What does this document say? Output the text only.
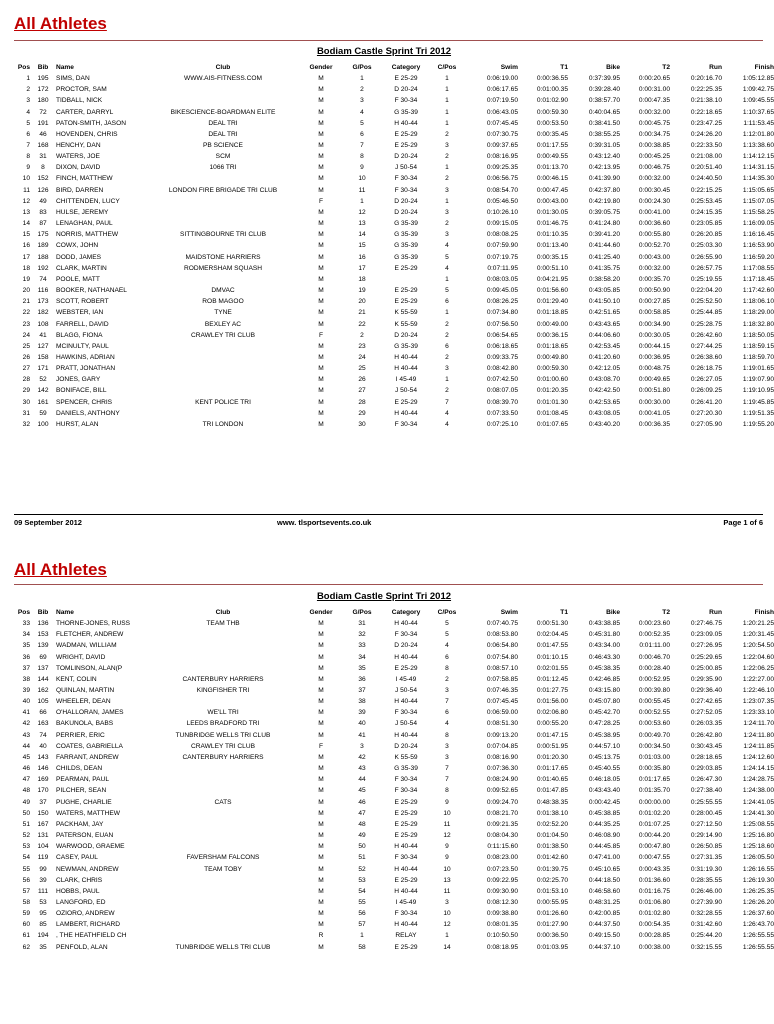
All Athletes
Bodiam Castle Sprint Tri 2012
Pos	Bib	Name	Club	Gender	G/Pos	Category	C/Pos	Swim	T1	Bike	T2	Run	Finish
1	195	SIMS, DAN	WWW.AIS-FITNESS.COM	M	1	E 25-29	1	0:06:19.00	0:00:36.55	0:37:39.95	0:00:20.65	0:20:16.70	1:05:12.85
2	172	PROCTOR, SAM		M	2	D 20-24	1	0:06:17.65	0:01:00.35	0:39:28.40	0:00:31.00	0:22:25.35	1:09:42.75
3	180	TIDBALL, NICK		M	3	F 30-34	1	0:07:19.50	0:01:02.90	0:38:57.70	0:00:47.35	0:21:38.10	1:09:45.55
4	72	CARTER, DARRYL	BIKESCIENCE-BOARDMAN ELITE	M	4	G 35-39	1	0:06:43.05	0:00:59.30	0:40:04.65	0:00:32.00	0:22:18.65	1:10:37.65
5	191	PATON-SMITH, JASON	DEAL TRI	M	5	H 40-44	1	0:07:45.45	0:00:53.50	0:38:41.50	0:00:45.75	0:23:47.25	1:11:53.45
6	46	HOVENDEN, CHRIS	DEAL TRI	M	6	E 25-29	2	0:07:30.75	0:00:35.45	0:38:55.25	0:00:34.75	0:24:26.20	1:12:01.80
7	168	HENCHY, DAN	PB SCIENCE	M	7	E 25-29	3	0:09:37.65	0:01:17.55	0:39:31.05	0:00:38.85	0:22:33.50	1:13:38.60
8	31	WATERS, JOE	SCM	M	8	D 20-24	2	0:08:16.95	0:00:49.55	0:43:12.40	0:00:45.25	0:21:08.00	1:14:12.15
9	8	DIXON, DAVID	1066 TRI	M	9	J 50-54	1	0:09:25.35	0:01:13.70	0:42:13.95	0:00:46.75	0:20:51.40	1:14:31.15
10	152	FINCH, MATTHEW		M	10	F 30-34	2	0:06:56.75	0:00:46.15	0:41:39.90	0:00:32.00	0:24:40.50	1:14:35.30
11	126	BIRD, DARREN	LONDON FIRE BRIGADE TRI CLUB	M	11	F 30-34	3	0:08:54.70	0:00:47.45	0:42:37.80	0:00:30.45	0:22:15.25	1:15:05.65
12	49	CHITTENDEN, LUCY		F	1	D 20-24	1	0:05:46.50	0:00:43.00	0:42:19.80	0:00:24.30	0:25:53.45	1:15:07.05
13	83	HULSE, JEREMY		M	12	D 20-24	3	0:10:26.10	0:01:30.05	0:39:05.75	0:00:41.00	0:24:15.35	1:15:58.25
14	87	LENAGHAN, PAUL		M	13	G 35-39	2	0:09:15.05	0:01:46.75	0:41:24.80	0:00:36.60	0:23:05.85	1:16:09.05
15	175	NORRIS, MATTHEW	SITTINGBOURNE TRI CLUB	M	14	G 35-39	3	0:08:08.25	0:01:10.35	0:39:41.20	0:00:55.80	0:26:20.85	1:16:16.45
16	189	COWX, JOHN		M	15	G 35-39	4	0:07:59.90	0:01:13.40	0:41:44.60	0:00:52.70	0:25:03.30	1:16:53.90
17	188	DODD, JAMES	MAIDSTONE HARRIERS	M	16	G 35-39	5	0:07:19.75	0:00:35.15	0:41:25.40	0:00:43.00	0:26:55.90	1:16:59.20
18	192	CLARK, MARTIN	RODMERSHAM SQUASH	M	17	E 25-29	4	0:07:11.95	0:00:51.10	0:41:35.75	0:00:32.00	0:26:57.75	1:17:08.55
19	74	POOLE, MATT		M	18		1	0:08:03.05	0:04:21.95	0:38:58.20	0:00:35.70	0:25:19.55	1:17:18.45
20	116	BOOKER, NATHANAEL	DMVAC	M	19	E 25-29	5	0:09:45.05	0:01:56.60	0:43:05.85	0:00:50.90	0:22:04.20	1:17:42.60
21	173	SCOTT, ROBERT	ROB MAGOO	M	20	E 25-29	6	0:08:26.25	0:01:29.40	0:41:50.10	0:00:27.85	0:25:52.50	1:18:06.10
22	182	WEBSTER, IAN	TYNE	M	21	K 55-59	1	0:07:34.80	0:01:18.85	0:42:51.65	0:00:58.85	0:25:44.85	1:18:29.00
23	108	FARRELL, DAVID	BEXLEY AC	M	22	K 55-59	2	0:07:56.50	0:00:49.00	0:43:43.65	0:00:34.90	0:25:28.75	1:18:32.80
24	41	BLAGG, FIONA	CRAWLEY TRI CLUB	F	2	D 20-24	2	0:06:54.65	0:00:36.15	0:44:06.60	0:00:30.05	0:26:42.60	1:18:50.05
25	127	MCINULTY, PAUL		M	23	G 35-39	6	0:06:18.65	0:01:18.65	0:42:53.45	0:00:44.15	0:27:44.25	1:18:59.15
26	158	HAWKINS, ADRIAN		M	24	H 40-44	2	0:09:33.75	0:00:49.80	0:41:20.60	0:00:36.95	0:26:38.60	1:18:59.70
27	171	PRATT, JONATHAN		M	25	H 40-44	3	0:08:42.80	0:00:59.30	0:42:12.05	0:00:48.75	0:26:18.75	1:19:01.65
28	52	JONES, GARY		M	26	I 45-49	1	0:07:42.50	0:01:00.60	0:43:08.70	0:00:49.65	0:26:27.05	1:19:07.90
29	142	BONIFACE, BILL		M	27	J 50-54	2	0:08:07.05	0:01:20.35	0:42:42.50	0:00:51.80	0:26:09.25	1:19:10.95
30	161	SPENCER, CHRIS	KENT POLICE TRI	M	28	E 25-29	7	0:08:39.70	0:01:01.30	0:42:53.65	0:00:30.00	0:26:41.20	1:19:45.85
31	59	DANIELS, ANTHONY		M	29	H 40-44	4	0:07:33.50	0:01:08.45	0:43:08.05	0:00:41.05	0:27:20.30	1:19:51.35
32	100	HURST, ALAN	TRI LONDON	M	30	F 30-34	4	0:07:25.10	0:01:07.65	0:43:40.20	0:00:36.35	0:27:05.90	1:19:55.20
09 September 2012	www. tlsportsevents.co.uk	Page 1 of 6
All Athletes
Bodiam Castle Sprint Tri 2012
Pos	Bib	Name	Club	Gender	G/Pos	Category	C/Pos	Swim	T1	Bike	T2	Run	Finish
33	136	THORNE-JONES, RUSS	TEAM THB	M	31	H 40-44	5	0:07:40.75	0:00:51.30	0:43:38.85	0:00:23.60	0:27:46.75	1:20:21.25
34	153	FLETCHER, ANDREW		M	32	F 30-34	5	0:08:53.80	0:02:04.45	0:45:31.80	0:00:52.35	0:23:09.05	1:20:31.45
35	139	WADMAN, WILLIAM		M	33	D 20-24	4	0:06:54.80	0:01:47.55	0:43:34.00	0:01:11.00	0:27:26.95	1:20:54.50
36	69	WRIGHT, DAVID		M	34	H 40-44	6	0:07:54.80	0:01:10.15	0:46:43.30	0:00:46.70	0:25:29.65	1:22:04.60
37	137	TOMLINSON, ALAN(P		M	35	E 25-29	8	0:08:57.10	0:02:01.55	0:45:38.35	0:00:28.40	0:25:00.85	1:22:06.25
38	144	KENT, COLIN	CANTERBURY HARRIERS	M	36	I 45-49	2	0:07:58.85	0:01:12.45	0:42:46.85	0:00:52.95	0:29:35.90	1:22:27.00
39	162	QUINLAN, MARTIN	KINGFISHER TRI	M	37	J 50-54	3	0:07:46.35	0:01:27.75	0:43:15.80	0:00:39.80	0:29:36.40	1:22:46.10
40	105	WHEELER, DEAN		M	38	H 40-44	7	0:07:45.45	0:01:56.00	0:45:07.80	0:00:55.45	0:27:42.65	1:23:07.35
41	66	O'HALLORAN, JAMES	WE'LL TRI	M	39	F 30-34	6	0:06:59.00	0:02:06.80	0:45:42.70	0:00:52.55	0:27:52.05	1:23:33.10
42	163	BAKUNOLA, BABS	LEEDS BRADFORD TRI	M	40	J 50-54	4	0:08:51.30	0:00:55.20	0:47:28.25	0:00:53.60	0:26:03.35	1:24:11.70
43	74	PERRIER, ERIC	TUNBRIDGE WELLS TRI CLUB	M	41	H 40-44	8	0:09:13.20	0:01:47.15	0:45:38.95	0:00:49.70	0:26:42.80	1:24:11.80
44	40	COATES, GABRIELLA	CRAWLEY TRI CLUB	F	3	D 20-24	3	0:07:04.85	0:00:51.95	0:44:57.10	0:00:34.50	0:30:43.45	1:24:11.85
45	143	FARRANT, ANDREW	CANTERBURY HARRIERS	M	42	K 55-59	3	0:08:16.90	0:01:20.30	0:45:13.75	0:01:03.00	0:28:18.65	1:24:12.60
46	146	CHILDS, DEAN		M	43	G 35-39	7	0:07:36.30	0:01:17.65	0:45:40.55	0:00:35.80	0:29:03.85	1:24:14.15
47	169	PEARMAN, PAUL		M	44	F 30-34	7	0:08:24.90	0:01:40.65	0:46:18.05	0:01:17.65	0:26:47.30	1:24:28.75
48	170	PILCHER, SEAN		M	45	F 30-34	8	0:09:52.65	0:01:47.85	0:43:43.40	0:01:35.70	0:27:38.40	1:24:38.00
49	37	PUGHE, CHARLIE	CATS	M	46	E 25-29	9	0:09:24.70	0:48:38.35	0:00:42.45	0:00:00.00	0:25:55.55	1:24:41.05
50	150	WATERS, MATTHEW		M	47	E 25-29	10	0:08:21.70	0:01:38.10	0:45:38.85	0:01:02.20	0:28:00.45	1:24:41.30
51	167	PACKHAM, JAY		M	48	E 25-29	11	0:09:21.35	0:02:52.20	0:44:35.25	0:01:07.25	0:27:12.50	1:25:08.55
52	131	PATERSON, EUAN		M	49	E 25-29	12	0:08:04.30	0:01:04.50	0:46:08.90	0:00:44.20	0:29:14.90	1:25:16.80
53	104	WARWOOD, GRAEME		M	50	H 40-44	9	0:11:15.60	0:01:38.50	0:44:45.85	0:00:47.80	0:26:50.85	1:25:18.60
54	119	CASEY, PAUL	FAVERSHAM FALCONS	M	51	F 30-34	9	0:08:23.00	0:01:42.60	0:47:41.00	0:00:47.55	0:27:31.35	1:26:05.50
55	99	NEWMAN, ANDREW	TEAM TOBY	M	52	H 40-44	10	0:07:23.50	0:01:39.75	0:45:10.65	0:00:43.35	0:31:19.30	1:26:16.55
56	39	CLARK, CHRIS		M	53	E 25-29	13	0:09:22.95	0:02:25.70	0:44:18.50	0:01:36.60	0:28:35.55	1:26:19.30
57	111	HOBBS, PAUL		M	54	H 40-44	11	0:09:30.90	0:01:53.10	0:46:58.60	0:01:16.75	0:26:46.00	1:26:25.35
58	53	LANGFORD, ED		M	55	I 45-49	3	0:08:12.30	0:00:55.95	0:48:31.25	0:01:06.80	0:27:39.90	1:26:26.20
59	95	OZIORO, ANDREW		M	56	F 30-34	10	0:09:38.80	0:01:26.60	0:42:00.85	0:01:02.80	0:32:28.55	1:26:37.60
60	85	LAMBERT, RICHARD		M	57	H 40-44	12	0:08:01.35	0:01:27.90	0:44:37.50	0:00:54.35	0:31:42.60	1:26:43.70
61	194	, THE HEATHFIELD CH		R	1	RELAY	1	0:10:50.50	0:00:36.50	0:49:15.50	0:00:28.85	0:25:44.20	1:26:55.55
62	35	PENFOLD, ALAN	TUNBRIDGE WELLS TRI CLUB	M	58	E 25-29	14	0:08:18.95	0:01:03.95	0:44:37.10	0:00:38.00	0:32:15.55	1:26:55.55
